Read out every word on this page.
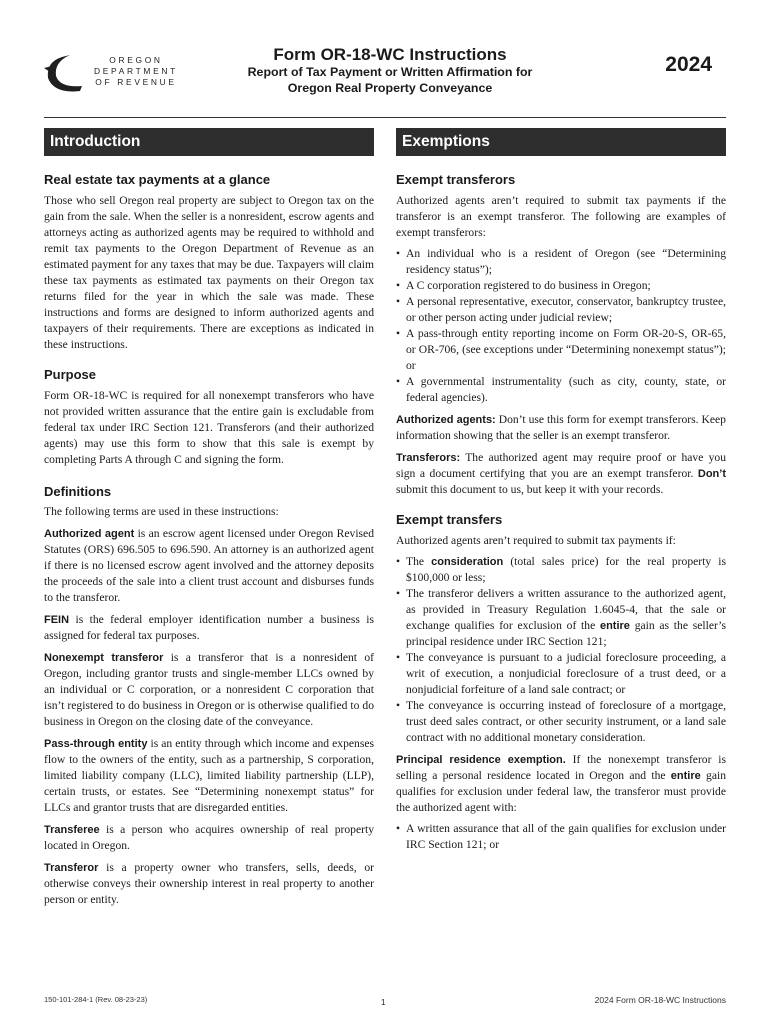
OREGON
DEPARTMENT
OF REVENUE
Form OR-18-WC Instructions
Report of Tax Payment or Written Affirmation for
Oregon Real Property Conveyance
2024
Introduction
Real estate tax payments at a glance

Those who sell Oregon real property are subject to Oregon tax on the gain from the sale. When the seller is a nonresident, escrow agents and attorneys acting as authorized agents may be required to withhold and remit tax payments to the Oregon Department of Revenue as an estimated payment for any taxes that may be due. Taxpayers will claim these tax payments as estimated tax payments on their Oregon tax returns filed for the year in which the sale was made. These instructions and forms are designed to inform authorized agents and taxpayers of their requirements. There are exceptions as indicated in these instructions.

Purpose

Form OR-18-WC is required for all nonexempt transferors who have not provided written assurance that the entire gain is excludable from federal tax under IRC Section 121. Transferors (and their authorized agents) may use this form to show that this sale is exempt by completing Parts A through C and signing the form.

Definitions

The following terms are used in these instructions:

Authorized agent is an escrow agent licensed under Oregon Revised Statutes (ORS) 696.505 to 696.590. An attorney is an authorized agent if there is no licensed escrow agent involved and the attorney deposits the proceeds of the sale into a client trust account and disburses funds to the transferor.

FEIN is the federal employer identification number a business is assigned for federal tax purposes.

Nonexempt transferor is a transferor that is a nonresident of Oregon, including grantor trusts and single-member LLCs owned by an individual or C corporation, or a nonresident C corporation that isn’t registered to do business in Oregon or is otherwise qualified to do business in Oregon on the closing date of the conveyance.

Pass-through entity is an entity through which income and expenses flow to the owners of the entity, such as a partnership, S corporation, limited liability company (LLC), limited liability partnership (LLP), certain trusts, or estates. See “Determining nonexempt status” for LLCs and grantor trusts that are disregarded entities.

Transferee is a person who acquires ownership of real property located in Oregon.

Transferor is a property owner who transfers, sells, deeds, or otherwise conveys their ownership interest in real property to another person or entity.

Exemptions
Exempt transferors

Authorized agents aren’t required to submit tax payments if the transferor is an exempt transferor. The following are examples of exempt transferors:

• An individual who is a resident of Oregon (see “Determining residency status”);
• A C corporation registered to do business in Oregon;
• A personal representative, executor, conservator, bankruptcy trustee, or other person acting under judicial review;
• A pass-through entity reporting income on Form OR-20-S, OR-65, or OR-706, (see exceptions under “Determining nonexempt status”); or
• A governmental instrumentality (such as city, county, state, or federal agencies).

Authorized agents: Don’t use this form for exempt transferors. Keep information showing that the seller is an exempt transferor.

Transferors: The authorized agent may require proof or have you sign a document certifying that you are an exempt transferor. Don’t submit this document to us, but keep it with your records.

Exempt transfers

Authorized agents aren’t required to submit tax payments if:

• The consideration (total sales price) for the real property is $100,000 or less;
• The transferor delivers a written assurance to the authorized agent, as provided in Treasury Regulation 1.6045-4, that the sale or exchange qualifies for exclusion of the entire gain as the seller’s principal residence under IRC Section 121;
• The conveyance is pursuant to a judicial foreclosure proceeding, a writ of execution, a nonjudicial foreclosure of a trust deed, or a nonjudicial forfeiture of a land sale contract; or
• The conveyance is occurring instead of foreclosure of a mortgage, trust deed sales contract, or other security instrument, or a land sale contract with no additional monetary consideration.

Principal residence exemption. If the nonexempt transferor is selling a personal residence located in Oregon and the entire gain qualifies for exclusion under federal law, the transferor must provide the authorized agent with:

• A written assurance that all of the gain qualifies for exclusion under IRC Section 121; or
150-101-284-1 (Rev. 08-23-23)	1	2024 Form OR-18-WC Instructions
